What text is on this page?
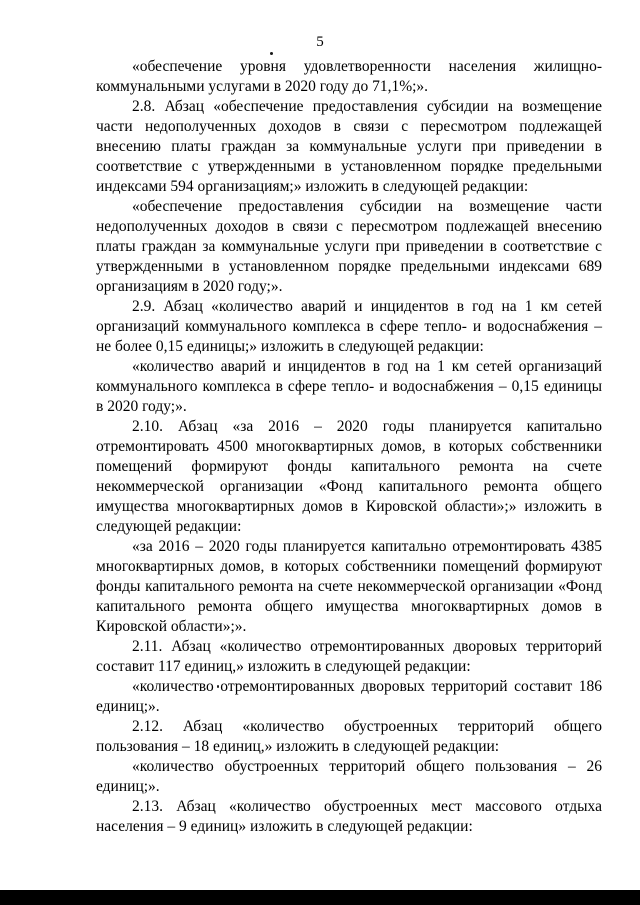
5

«обеспечение уровня удовлетворенности населения жилищно-коммунальными услугами в 2020 году до 71,1%;».

2.8. Абзац «обеспечение предоставления субсидии на возмещение части недополученных доходов в связи с пересмотром подлежащей внесению платы граждан за коммунальные услуги при приведении в соответствие с утвержденными в установленном порядке предельными индексами 594 организациям;» изложить в следующей редакции:

«обеспечение предоставления субсидии на возмещение части недополученных доходов в связи с пересмотром подлежащей внесению платы граждан за коммунальные услуги при приведении в соответствие с утвержденными в установленном порядке предельными индексами 689 организациям в 2020 году;».

2.9. Абзац «количество аварий и инцидентов в год на 1 км сетей организаций коммунального комплекса в сфере тепло- и водоснабжения – не более 0,15 единицы;» изложить в следующей редакции:

«количество аварий и инцидентов в год на 1 км сетей организаций коммунального комплекса в сфере тепло- и водоснабжения – 0,15 единицы в 2020 году;».

2.10. Абзац «за 2016 – 2020 годы планируется капитально отремонтировать 4500 многоквартирных домов, в которых собственники помещений формируют фонды капитального ремонта на счете некоммерческой организации «Фонд капитального ремонта общего имущества многоквартирных домов в Кировской области»;» изложить в следующей редакции:

«за 2016 – 2020 годы планируется капитально отремонтировать 4385 многоквартирных домов, в которых собственники помещений формируют фонды капитального ремонта на счете некоммерческой организации «Фонд капитального ремонта общего имущества многоквартирных домов в Кировской области»;».

2.11. Абзац «количество отремонтированных дворовых территорий составит 117 единиц,» изложить в следующей редакции:

«количество отремонтированных дворовых территорий составит 186 единиц;».

2.12. Абзац «количество обустроенных территорий общего пользования – 18 единиц,» изложить в следующей редакции:

«количество обустроенных территорий общего пользования – 26 единиц;».

2.13. Абзац «количество обустроенных мест массового отдыха населения – 9 единиц» изложить в следующей редакции:
